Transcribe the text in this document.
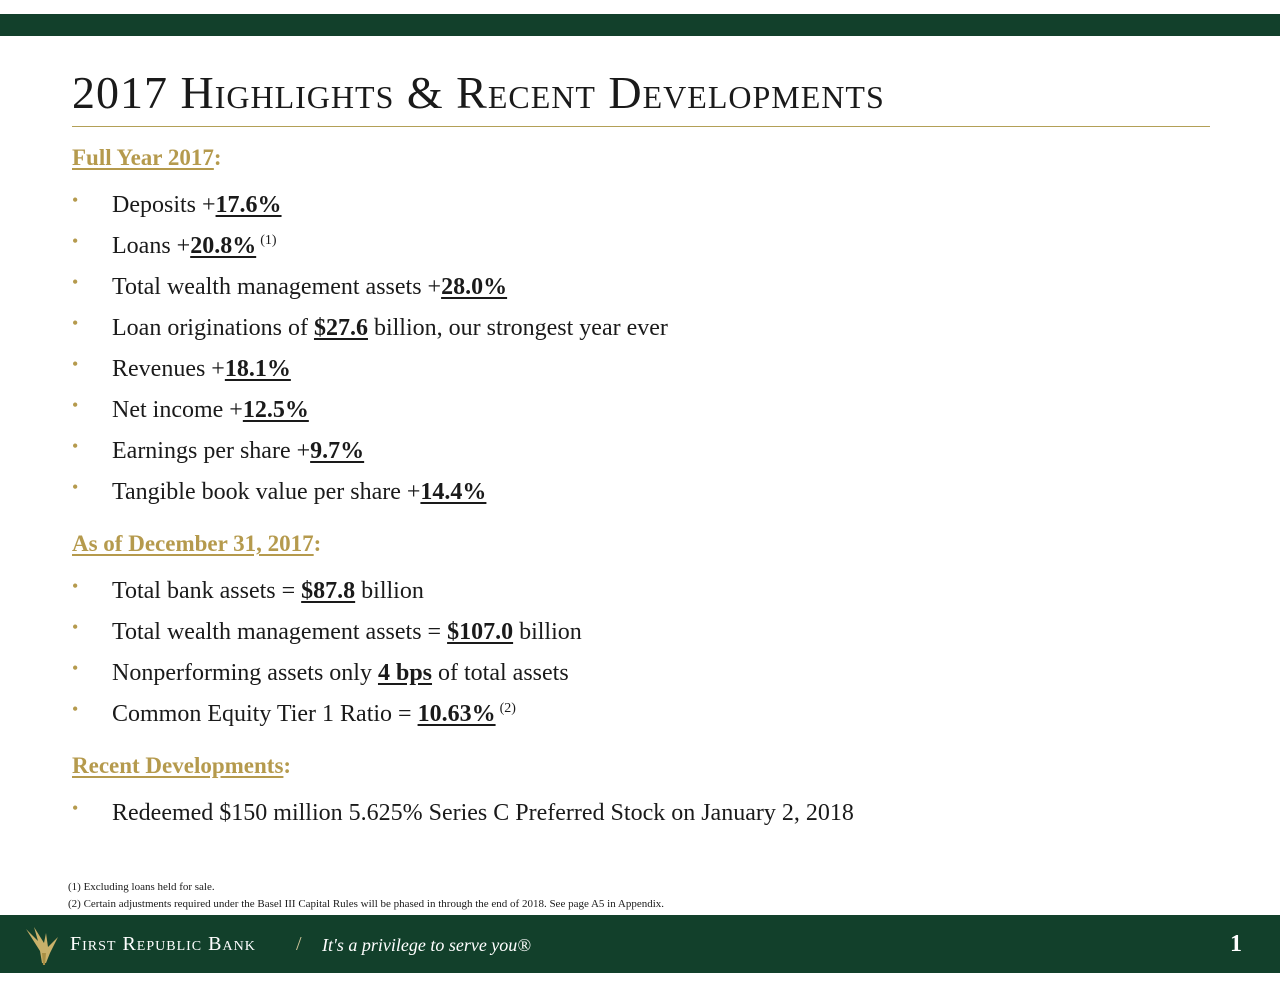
2017 Highlights & Recent Developments
Full Year 2017:
• Deposits +17.6%
• Loans +20.8% $^{(1)}$
• Total wealth management assets +28.0%
• Loan originations of $27.6 billion, our strongest year ever
• Revenues +18.1%
• Net income +12.5%
• Earnings per share +9.7%
• Tangible book value per share +14.4%
As of December 31, 2017:
• Total bank assets = $87.8 billion
• Total wealth management assets = $107.0 billion
• Nonperforming assets only 4 bps of total assets
• Common Equity Tier 1 Ratio = 10.63% $^{(2)}$
Recent Developments:
• Redeemed $150 million 5.625% Series C Preferred Stock on January 2, 2018
(1) Excluding loans held for sale.
(2) Certain adjustments required under the Basel III Capital Rules will be phased in through the end of 2018. See page A5 in Appendix.
First Republic Bank / It's a privilege to serve you®	1
